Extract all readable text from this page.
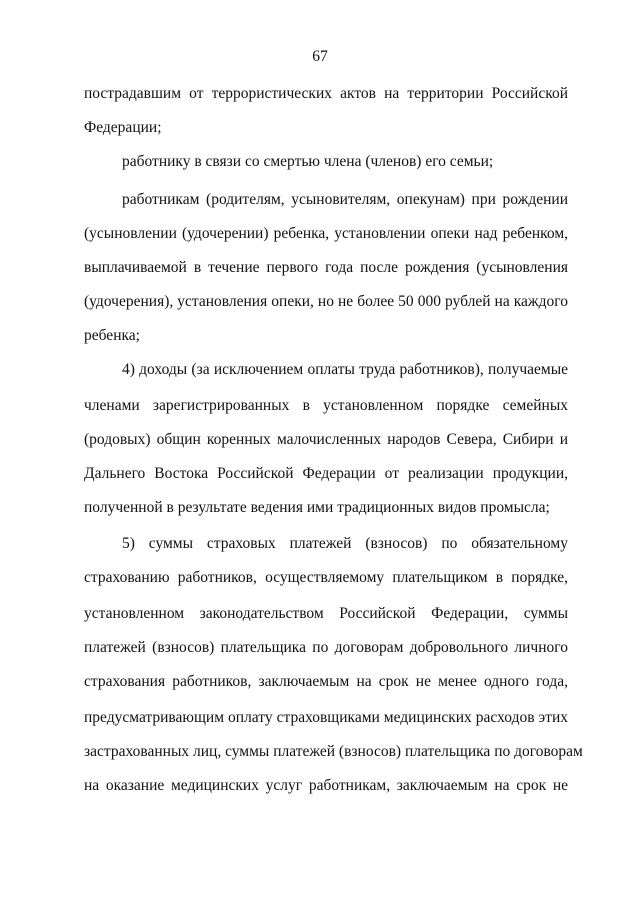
67
пострадавшим от террористических актов на территории Российской
Федерации;
работнику в связи со смертью члена (членов) его семьи;
работникам (родителям, усыновителям, опекунам) при рождении
(усыновлении (удочерении) ребенка, установлении опеки над ребенком,
выплачиваемой в течение первого года после рождения (усыновления
(удочерения), установления опеки, но не более 50 000 рублей на каждого
ребенка;
4) доходы (за исключением оплаты труда работников), получаемые
членами зарегистрированных в установленном порядке семейных
(родовых) общин коренных малочисленных народов Севера, Сибири и
Дальнего Востока Российской Федерации от реализации продукции,
полученной в результате ведения ими традиционных видов промысла;
5) суммы страховых платежей (взносов) по обязательному
страхованию работников, осуществляемому плательщиком в порядке,
установленном законодательством Российской Федерации, суммы
платежей (взносов) плательщика по договорам добровольного личного
страхования работников, заключаемым на срок не менее одного года,
предусматривающим оплату страховщиками медицинских расходов этих
застрахованных лиц, суммы платежей (взносов) плательщика по договорам
на оказание медицинских услуг работникам, заключаемым на срок не
